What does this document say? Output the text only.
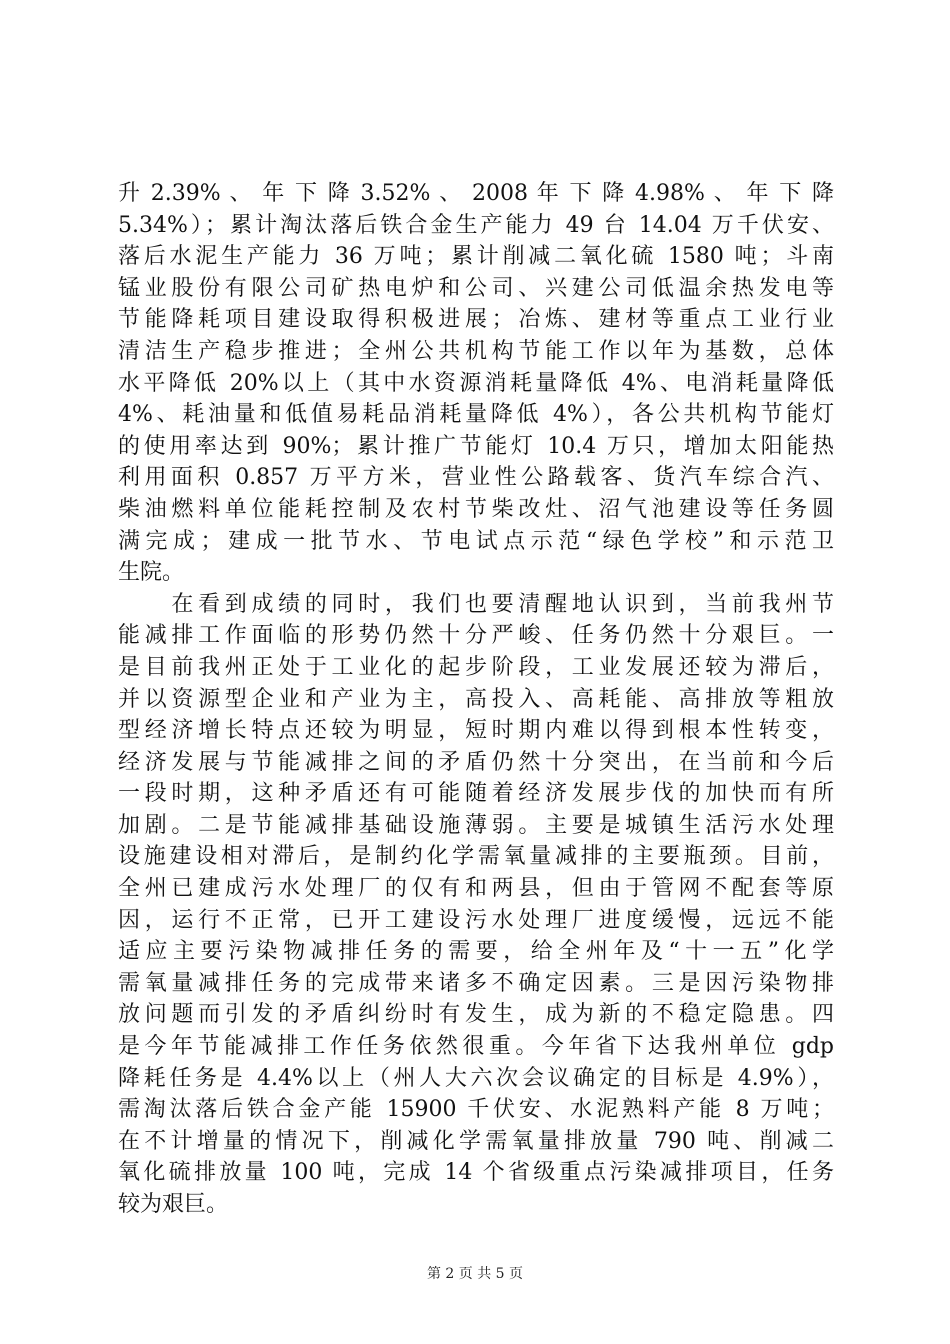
升 2.39% 、 年 下 降 3.52% 、 2008 年 下 降 4.98% 、 年 下 降
5.34%）；累计淘汰落后铁合金生产能力 49 台 14.04 万千伏安、
落后水泥生产能力 36 万吨；累计削减二氧化硫 1580 吨；斗南
锰业股份有限公司矿热电炉和公司、兴建公司低温余热发电等
节能降耗项目建设取得积极进展；冶炼、建材等重点工业行业
清洁生产稳步推进；全州公共机构节能工作以年为基数，总体
水平降低 20%以上（其中水资源消耗量降低 4%、电消耗量降低
4%、耗油量和低值易耗品消耗量降低 4%），各公共机构节能灯
的使用率达到 90%；累计推广节能灯 10.4 万只，增加太阳能热
利用面积 0.857 万平方米，营业性公路载客、货汽车综合汽、
柴油燃料单位能耗控制及农村节柴改灶、沼气池建设等任务圆
满完成；建成一批节水、节电试点示范“绿色学校”和示范卫
生院。
　　在看到成绩的同时，我们也要清醒地认识到，当前我州节
能减排工作面临的形势仍然十分严峻、任务仍然十分艰巨。一
是目前我州正处于工业化的起步阶段，工业发展还较为滞后，
并以资源型企业和产业为主，高投入、高耗能、高排放等粗放
型经济增长特点还较为明显，短时期内难以得到根本性转变，
经济发展与节能减排之间的矛盾仍然十分突出，在当前和今后
一段时期，这种矛盾还有可能随着经济发展步伐的加快而有所
加剧。二是节能减排基础设施薄弱。主要是城镇生活污水处理
设施建设相对滞后，是制约化学需氧量减排的主要瓶颈。目前，
全州已建成污水处理厂的仅有和两县，但由于管网不配套等原
因，运行不正常，已开工建设污水处理厂进度缓慢，远远不能
适应主要污染物减排任务的需要，给全州年及“十一五”化学
需氧量减排任务的完成带来诸多不确定因素。三是因污染物排
放问题而引发的矛盾纠纷时有发生，成为新的不稳定隐患。四
是今年节能减排工作任务依然很重。今年省下达我州单位 gdp
降耗任务是 4.4%以上（州人大六次会议确定的目标是 4.9%），
需淘汰落后铁合金产能 15900 千伏安、水泥熟料产能 8 万吨；
在不计增量的情况下，削减化学需氧量排放量 790 吨、削减二
氧化硫排放量 100 吨，完成 14 个省级重点污染减排项目，任务
较为艰巨。
第 2 页 共 5 页
